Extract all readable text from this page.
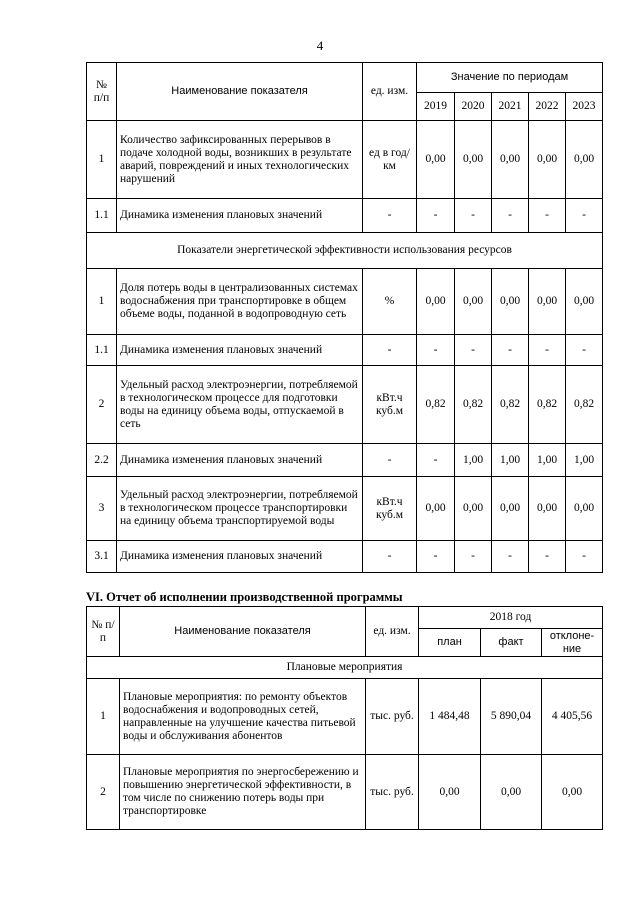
4
№ п/п	Наименование показателя	ед. изм.	Значение по периодам				
			2019	2020	2021	2022	2023
1	Количество зафиксированных перерывов в подаче холодной воды, возникших в результате аварий, повреждений и иных технологических нарушений	ед в год/ км	0,00	0,00	0,00	0,00	0,00
1.1	Динамика изменения плановых значений	-	-	-	-	-	-
Показатели энергетической эффективности использования ресурсов							
1	Доля потерь воды в централизованных системах водоснабжения при транспортировке в общем объеме воды, поданной в водопроводную сеть	%	0,00	0,00	0,00	0,00	0,00
1.1	Динамика изменения плановых значений	-	-	-	-	-	-
2	Удельный расход электроэнергии, потребляемой в технологическом процессе для подготовки воды на единицу объема воды, отпускаемой в сеть	кВт.ч куб.м	0,82	0,82	0,82	0,82	0,82
2.2	Динамика изменения плановых значений	-	-	1,00	1,00	1,00	1,00
3	Удельный расход электроэнергии, потребляемой в технологическом процессе транспортировки на единицу объема транспортируемой воды	кВт.ч куб.м	0,00	0,00	0,00	0,00	0,00
3.1	Динамика изменения плановых значений	-	-	-	-	-	-
VI. Отчет об исполнении производственной программы
№ п/п	Наименование показателя	ед. изм.	2018 год		
			план	факт	отклоне-ние
Плановые мероприятия					
1	Плановые мероприятия: по ремонту объектов водоснабжения и водопроводных сетей, направленные на улучшение качества питьевой воды и обслуживания абонентов	тыс. руб.	1 484,48	5 890,04	4 405,56
2	Плановые мероприятия по энергосбережению и повышению энергетической эффективности, в том числе по снижению потерь воды при транспортировке	тыс. руб.	0,00	0,00	0,00
